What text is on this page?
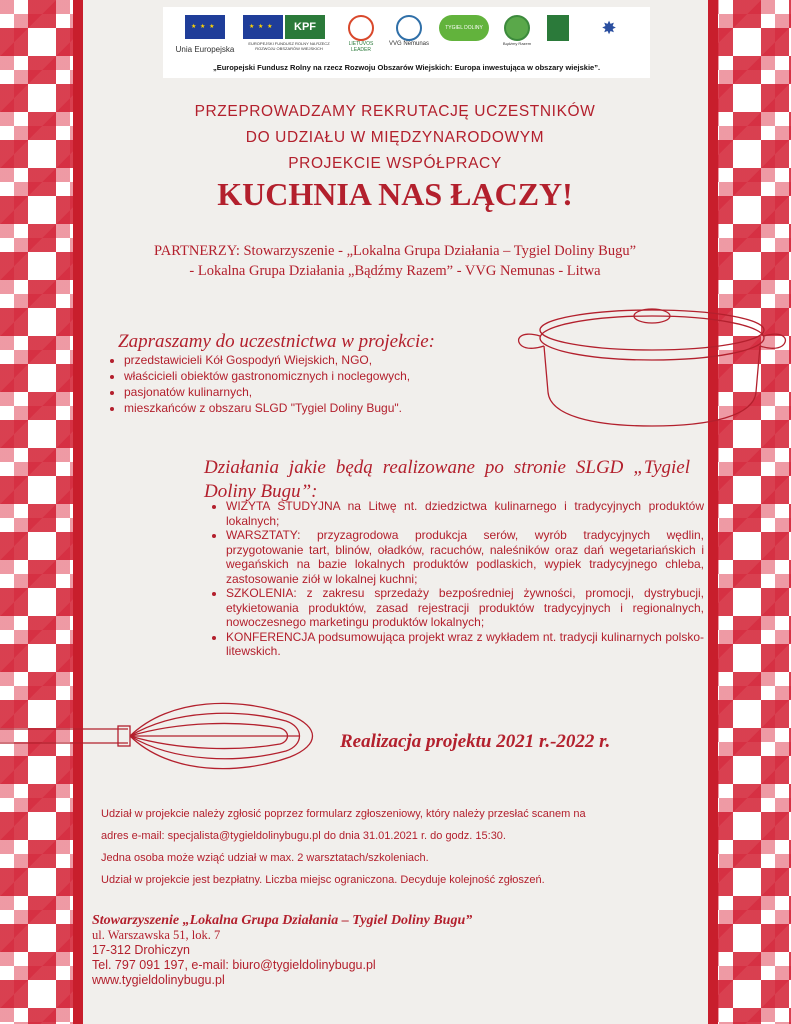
★ ★ ★
Unia Europejska
★ ★ ★
KPF
EUROPEJSKI FUNDUSZ ROLNY NA RZECZ ROZWOJU OBSZARÓW WIEJSKICH
LIETUVOS LEADER
VVG Nemunas
TYGIEL DOLINY BUGU
Bądźmy Razem
✸
„Europejski Fundusz Rolny na rzecz Rozwoju Obszarów Wiejskich: Europa inwestująca w obszary wiejskie”.
PRZEPROWADZAMY REKRUTACJĘ UCZESTNIKÓW
DO UDZIAŁU W MIĘDZYNARODOWYM
PROJEKCIE WSPÓŁPRACY
KUCHNIA NAS ŁĄCZY!
PARTNERZY: Stowarzyszenie - „Lokalna Grupa Działania – Tygiel Doliny Bugu”
- Lokalna Grupa Działania „Bądźmy Razem” - VVG Nemunas - Litwa
Zapraszamy do uczestnictwa w projekcie:
• przedstawicieli Kół Gospodyń Wiejskich, NGO,
• właścicieli obiektów gastronomicznych i noclegowych,
• pasjonatów kulinarnych,
• mieszkańców z obszaru SLGD "Tygiel Doliny Bugu".
Działania jakie będą realizowane po stronie SLGD „Tygiel Doliny Bugu”:
• WIZYTA STUDYJNA na Litwę nt. dziedzictwa kulinarnego i tradycyjnych produktów lokalnych;
• WARSZTATY: przyzagrodowa produkcja serów, wyrób tradycyjnych wędlin, przygotowanie tart, blinów, oładków, racuchów, naleśników oraz dań wegetariańskich i wegańskich na bazie lokalnych produktów podlaskich, wypiek tradycyjnego chleba, zastosowanie ziół w lokalnej kuchni;
• SZKOLENIA: z zakresu sprzedaży bezpośredniej żywności, promocji, dystrybucji, etykietowania produktów, zasad rejestracji produktów tradycyjnych i regionalnych, nowoczesnego marketingu produktów lokalnych;
• KONFERENCJA podsumowująca projekt wraz z wykładem nt. tradycji kulinarnych polsko-litewskich.
Realizacja projektu 2021 r.-2022 r.
Udział w projekcie należy zgłosić poprzez formularz zgłoszeniowy, który należy przesłać scanem na
adres e-mail: specjalista@tygieldolinybugu.pl do dnia 31.01.2021 r. do godz. 15:30.
Jedna osoba może wziąć udział w max. 2 warsztatach/szkoleniach.
Udział w projekcie jest bezpłatny. Liczba miejsc ograniczona. Decyduje kolejność zgłoszeń.
Stowarzyszenie „Lokalna Grupa Działania – Tygiel Doliny Bugu”
ul. Warszawska 51, lok. 7
17-312 Drohiczyn
Tel. 797 091 197, e-mail: biuro@tygieldolinybugu.pl
www.tygieldolinybugu.pl
